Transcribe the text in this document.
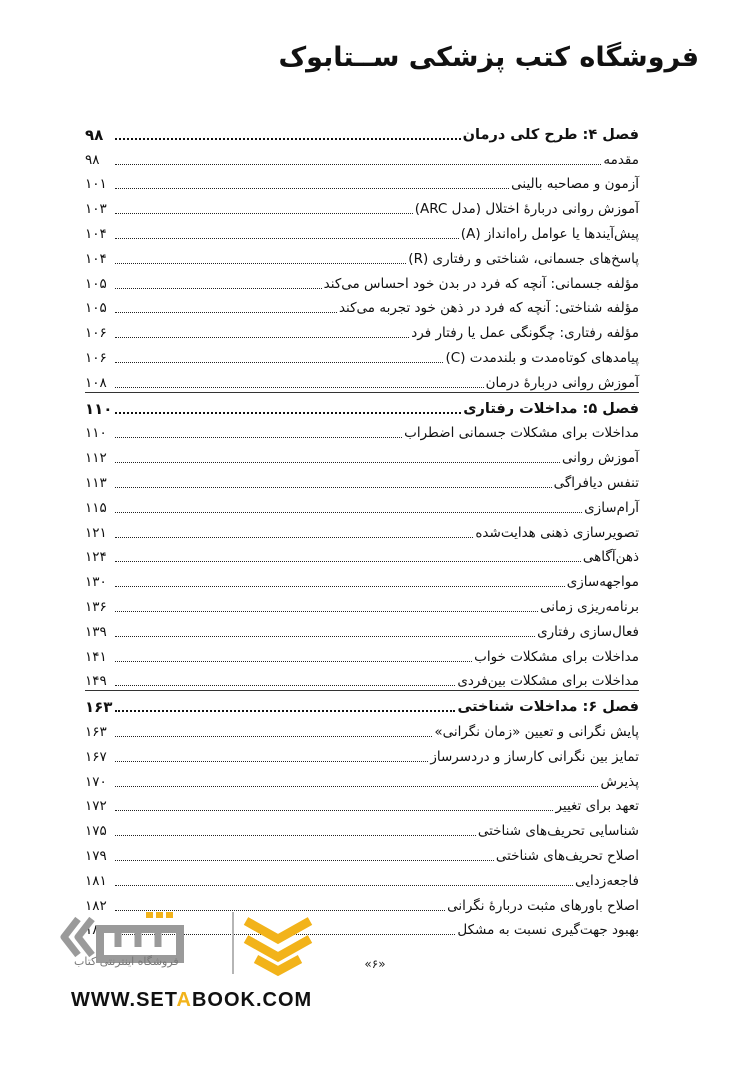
فروشگاه کتب پزشکی ســتابوک
فصل ۴: طرح کلی درمان
۹۸
مقدمه
۹۸
آزمون و مصاحبه بالینی
۱۰۱
آموزش روانی دربارهٔ اختلال (مدل ARC)
۱۰۳
پیش‌آیندها یا عوامل راه‌انداز (A)
۱۰۴
پاسخ‌های جسمانی، شناختی و رفتاری (R)
۱۰۴
مؤلفه جسمانی: آنچه که فرد در بدن خود احساس می‌کند
۱۰۵
مؤلفه شناختی: آنچه که فرد در ذهن خود تجربه می‌کند
۱۰۵
مؤلفه رفتاری: چگونگی عمل یا رفتار فرد
۱۰۶
پیامدهای کوتاه‌مدت و بلندمدت (C)
۱۰۶
آموزش روانی دربارهٔ درمان
۱۰۸
فصل ۵: مداخلات رفتاری
۱۱۰
مداخلات برای مشکلات جسمانی اضطراب
۱۱۰
آموزش روانی
۱۱۲
تنفس دیافراگی
۱۱۳
آرام‌سازی
۱۱۵
تصویرسازی ذهنی هدایت‌شده
۱۲۱
ذهن‌آگاهی
۱۲۴
مواجهه‌سازی
۱۳۰
برنامه‌ریزی زمانی
۱۳۶
فعال‌سازی رفتاری
۱۳۹
مداخلات برای مشکلات خواب
۱۴۱
مداخلات برای مشکلات بین‌فردی
۱۴۹
فصل ۶: مداخلات شناختی
۱۶۳
پایش نگرانی و تعیین «زمان نگرانی»
۱۶۳
تمایز بین نگرانی کارساز و دردسرساز
۱۶۷
پذیرش
۱۷۰
تعهد برای تغییر
۱۷۲
شناسایی تحریف‌های شناختی
۱۷۵
اصلاح تحریف‌های شناختی
۱۷۹
فاجعه‌زدایی
۱۸۱
اصلاح باورهای مثبت دربارهٔ نگرانی
۱۸۲
بهبود جهت‌گیری نسبت به مشکل
۱۸
فروشگاه اینترنتی کتاب	«۶»
WWW.SETABOOK.COM
